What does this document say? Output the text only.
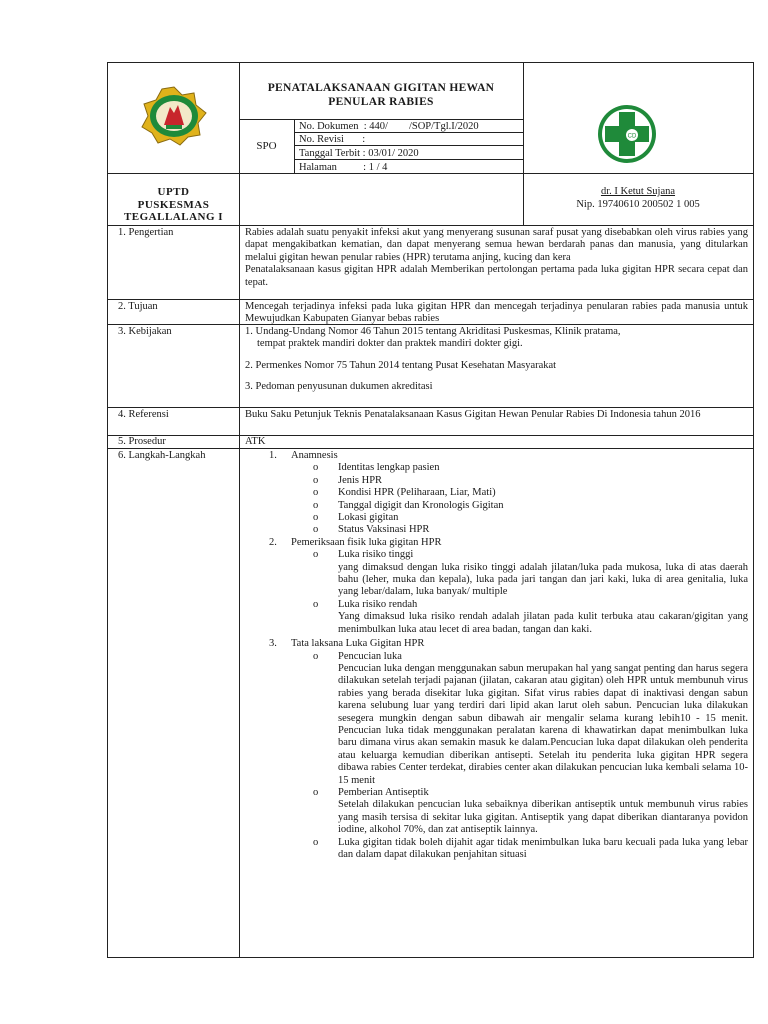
PENATALAKSANAAN GIGITAN HEWAN
PENULAR RABIES
SPO
No. Dokumen  : 440/        /SOP/Tgl.I/2020
No. Revisi       :
Tanggal Terbit : 03/01/ 2020
Halaman          : 1 / 4
CD
UPTD
PUSKESMAS
TEGALLALANG I
dr. I Ketut Sujana
Nip. 19740610 200502 1 005
1. Pengertian	Rabies adalah suatu penyakit infeksi akut yang menyerang susunan saraf pusat yang disebabkan oleh virus rabies yang dapat mengakibatkan kematian, dan dapat menyerang semua hewan berdarah panas dan manusia, yang ditularkan melalui gigitan hewan penular rabies (HPR) terutama anjing, kucing dan kera

Penatalaksanaan kasus gigitan HPR adalah Memberikan pertolongan pertama pada luka gigitan HPR secara cepat dan tepat.

2. Tujuan	Mencegah terjadinya infeksi pada luka gigitan HPR dan mencegah terjadinya penularan rabies pada manusia untuk Mewujudkan Kabupaten Gianyar bebas rabies
3. Kebijakan	1. Undang-Undang Nomor 46 Tahun 2015 tentang Akriditasi Puskesmas, Klinik pratama,
tempat praktek mandiri dokter dan praktek mandiri dokter gigi.
2. Permenkes Nomor 75 Tahun 2014 tentang Pusat Kesehatan Masyarakat
3. Pedoman penyusunan dukumen akreditasi
4. Referensi	Buku Saku Petunjuk Teknis Penatalaksanaan Kasus Gigitan Hewan Penular Rabies Di Indonesia tahun 2016
5. Prosedur	ATK
6. Langkah-Langkah	1.	Anamnesis
o	Identitas lengkap pasien
o	Jenis HPR
o	Kondisi HPR (Peliharaan, Liar, Mati)
o	Tanggal digigit dan Kronologis Gigitan
o	Lokasi gigitan
o	Status Vaksinasi HPR
2.	Pemeriksaan fisik luka gigitan HPR
o	Luka risiko tinggi
yang dimaksud dengan luka risiko tinggi adalah jilatan/luka pada mukosa, luka di atas daerah bahu (leher, muka dan kepala), luka pada jari tangan dan jari kaki, luka di area genitalia, luka yang lebar/dalam, luka banyak/ multiple
o	Luka risiko rendah
Yang dimaksud luka risiko rendah adalah jilatan pada kulit terbuka atau cakaran/gigitan yang menimbulkan luka atau lecet di area badan, tangan dan kaki.
3.	Tata laksana Luka Gigitan HPR
o	Pencucian luka
Pencucian luka dengan menggunakan sabun merupakan hal yang sangat penting dan harus segera dilakukan setelah terjadi pajanan (jilatan, cakaran atau gigitan) oleh HPR untuk membunuh virus rabies yang berada disekitar luka gigitan. Sifat virus rabies dapat di inaktivasi dengan sabun karena selubung luar yang terdiri dari lipid akan larut oleh sabun. Pencucian luka dilakukan sesegera mungkin dengan sabun dibawah air mengalir selama kurang lebih10 - 15 menit. Pencucian luka tidak menggunakan peralatan karena di khawatirkan dapat menimbulkan luka baru dimana virus akan semakin masuk ke dalam.Pencucian luka dapat dilakukan oleh penderita atau keluarga kemudian diberikan antisepti. Setelah itu penderita luka gigitan HPR segera dibawa rabies Center terdekat, dirabies center akan dilakukan pencucian luka kembali selama 10-15 menit
o	Pemberian Antiseptik
Setelah dilakukan pencucian luka sebaiknya diberikan antiseptik untuk membunuh virus rabies yang masih tersisa di sekitar luka gigitan. Antiseptik yang dapat diberikan diantaranya povidon iodine, alkohol 70%, dan zat antiseptik lainnya.
o	Luka gigitan tidak boleh dijahit agar tidak menimbulkan luka baru kecuali pada luka yang lebar dan dalam dapat dilakukan penjahitan situasi
